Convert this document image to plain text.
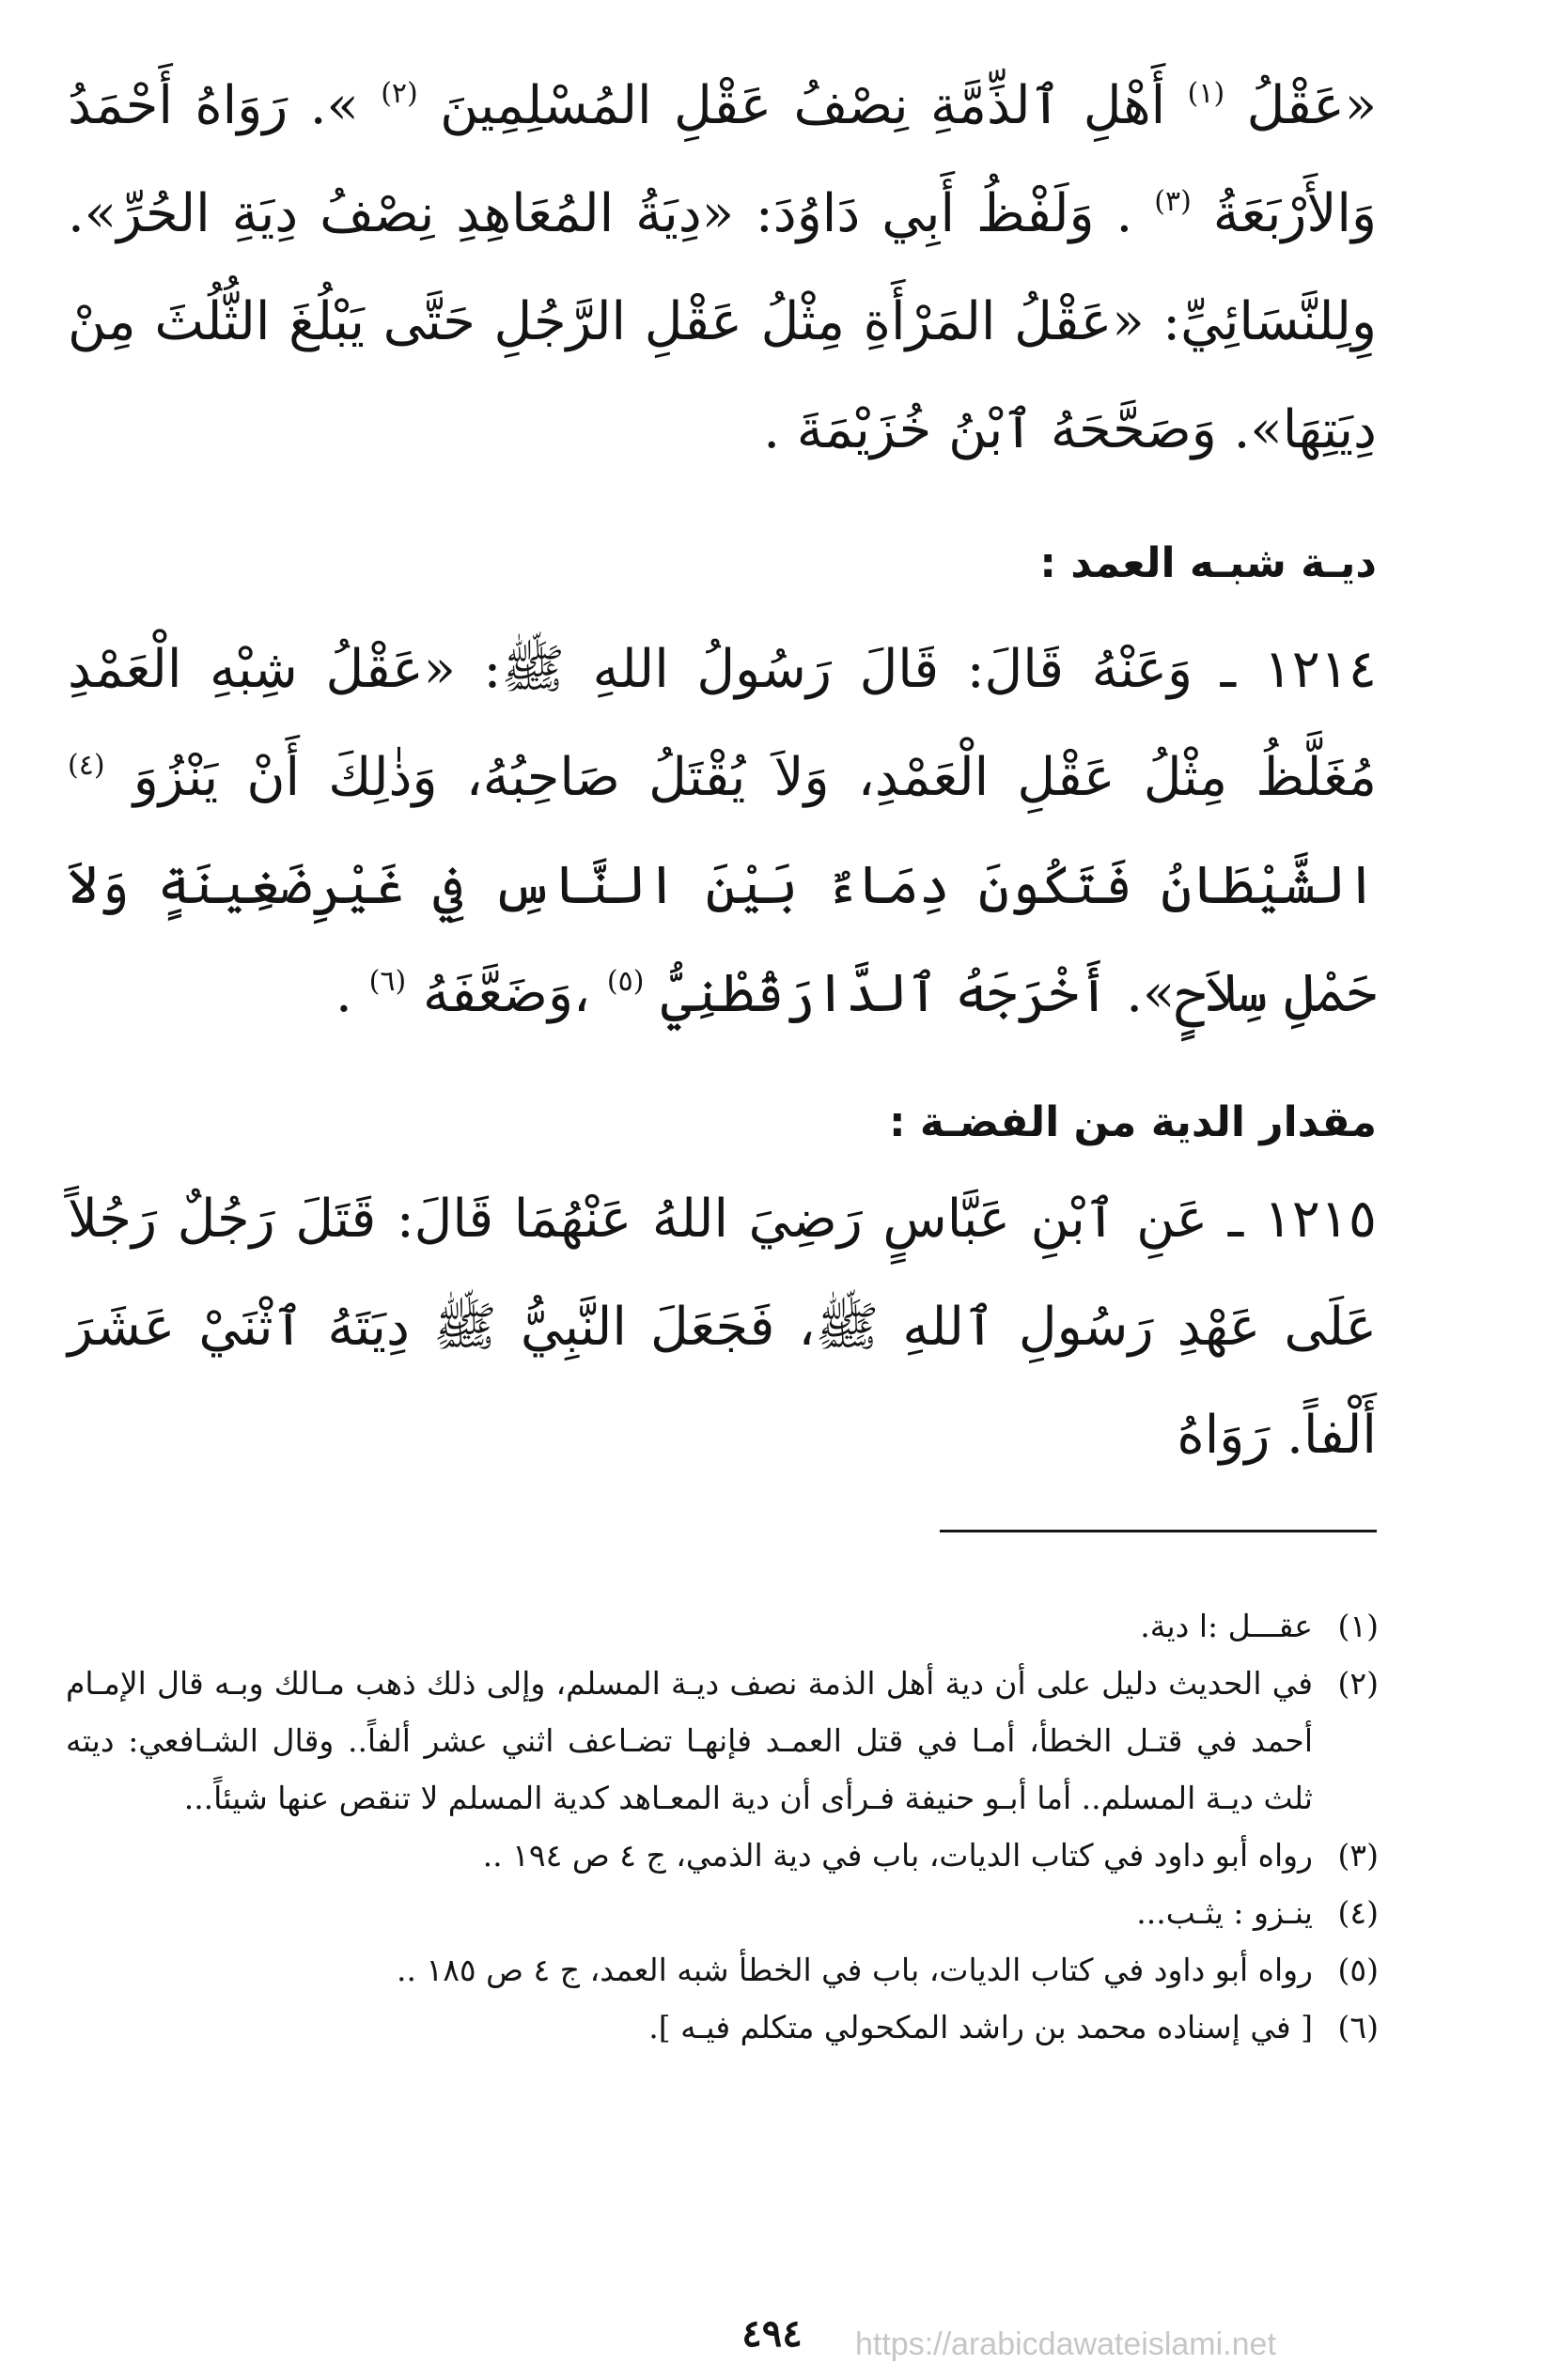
«عَقْلُ $^{(١)}$ أَهْلِ ٱلذِّمَّةِ نِصْفُ عَقْلِ المُسْلِمِينَ $^{(٢)}$ ». رَوَاهُ أَحْمَدُ وَالأَرْبَعَةُ $^{(٣)}$ . وَلَفْظُ أَبِي دَاوُدَ: «دِيَةُ المُعَاهِدِ نِصْفُ دِيَةِ الحُرِّ». وِلِلنَّسَائِيِّ: «عَقْلُ المَرْأَةِ مِثْلُ عَقْلِ الرَّجُلِ حَتَّى يَبْلُغَ الثُّلُثَ مِنْ دِيَتِهَا». وَصَحَّحَهُ ٱبْنُ خُزَيْمَةَ .

ديـة شبـه العمد :

١٢١٤ ـ وَعَنْهُ قَالَ: قَالَ رَسُولُ اللهِ ﷺ: «عَقْلُ شِبْهِ الْعَمْدِ مُغَلَّظُ مِثْلُ عَقْلِ الْعَمْدِ، وَلاَ يُقْتَلُ صَاحِبُهُ، وَذٰلِكَ أَنْ يَنْزُوَ $^{(٤)}$ الشَّيْطَانُ فَتَكُونَ دِمَاءٌ بَيْنَ النَّاسِ فِي غَيْرِضَغِينَةٍ وَلاَ حَمْلِ سِلاَحٍ». أَخْرَجَهُ ٱلدَّارَقُطْنِيُّ $^{(٥)}$ ،وَضَعَّفَهُ $^{(٦)}$ .

مقدار الدية من الفضـة :

١٢١٥ ـ عَنِ ٱبْنِ عَبَّاسٍ رَضِيَ اللهُ عَنْهُمَا قَالَ: قَتَلَ رَجُلٌ رَجُلاً عَلَى عَهْدِ رَسُولِ ٱللهِ ﷺ، فَجَعَلَ النَّبِيُّ ﷺ دِيَتَهُ ٱثْنَيْ عَشَرَ أَلْفاً. رَوَاهُ

(١)
عقـــل :ا دية.
(٢)
في الحديث دليل على أن دية أهل الذمة نصف ديـة المسلم، وإلى ذلك ذهب مـالك وبـه قال الإمـام أحمد في قتـل الخطأ، أمـا في قتل العمـد فإنهـا تضـاعف اثني عشر ألفاً.. وقال الشـافعي: ديته ثلث ديـة المسلم.. أما أبـو حنيفة فـرأى أن دية المعـاهد كدية المسلم لا تنقص عنها شيئاً...
(٣)
رواه أبو داود في كتاب الديات، باب في دية الذمي، ج ٤ ص ١٩٤ ..
(٤)
ينـزو : يثـب...
(٥)
رواه أبو داود في كتاب الديات، باب في الخطأ شبه العمد، ج ٤ ص ١٨٥ ..
(٦)
[ في إسناده محمد بن راشد المكحولي متكلم فيـه ].
٤٩٤	https://arabicdawateislami.net
